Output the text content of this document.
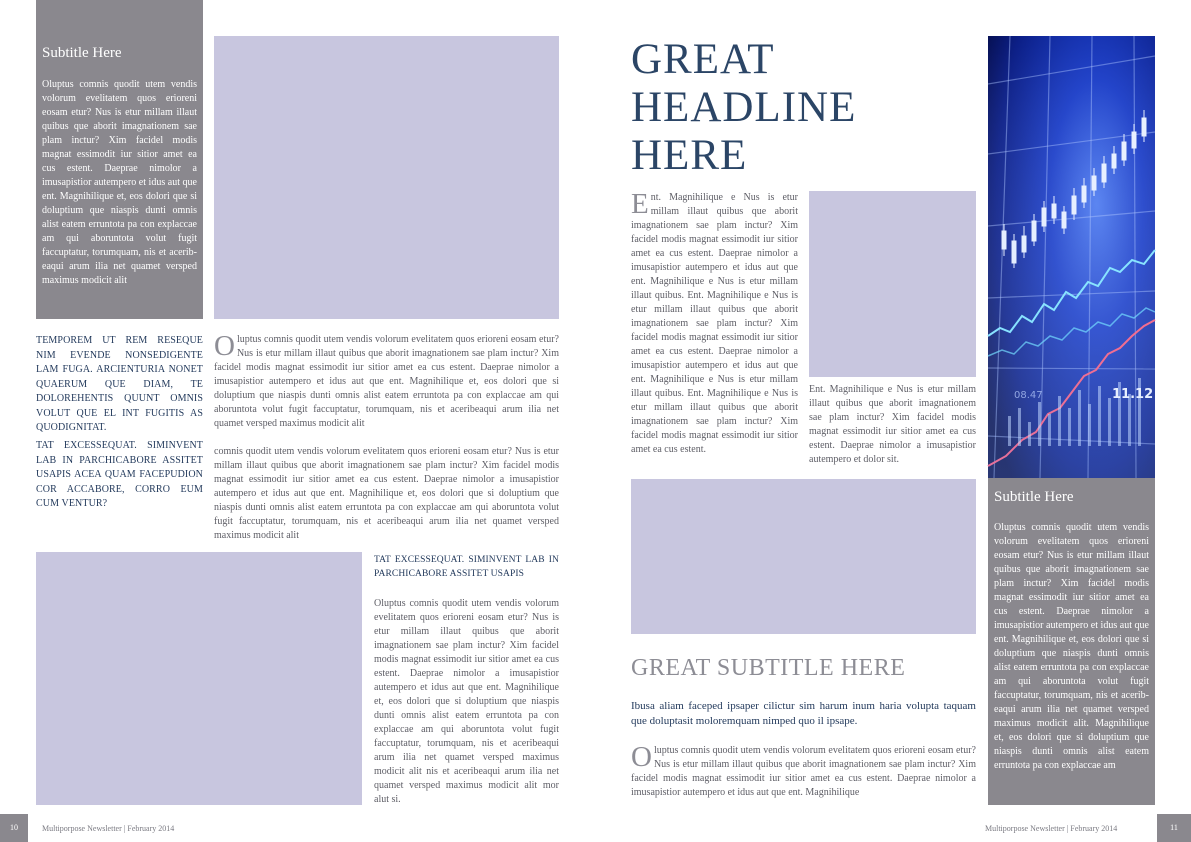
Subtitle Here

Oluptus comnis quodit utem vendis volorum evelitatem quos erioreni eosam etur? Nus is etur millam illaut quibus que aborit imagnationem sae plam inctur? Xim facidel modis magnat essimodit iur sitior amet ea cus estent. Daeprae nimolor a imusapistior autempero et idus aut que ent. Magnihilique et, eos dolori que si doluptium que niaspis dunti omnis alist eatem erruntota pa con explaccae am qui aboruntota volut fugit faccuptatur, torumquam, nis et aceribeaqui arum ilia net quamet versped maximus modicit alit

TEMPOREM UT REM RESEQUE NIM EVENDE NONSEDIGENTE LAM FUGA. ARCIENTURIA NONET QUAERUM QUE DIAM, TE DOLOREHENTIS QUUNT OMNIS VOLUT QUE EL INT FUGITIS AS QUODIGNITAT.

TAT EXCESSEQUAT. SIMINVENT LAB IN PARCHICABORE ASSITET USAPIS ACEA QUAM FACEPUDION COR ACCABORE, CORRO EUM CUM VENTUR?

O luptus comnis quodit utem vendis volorum evelitatem quos erioreni eosam etur? Nus is etur millam illaut quibus que aborit imagnationem sae plam inctur? Xim facidel modis magnat essimodit iur sitior amet ea cus estent. Daeprae nimolor a imusapistior autempero et idus aut que ent. Magnihilique et, eos dolori que si doluptium que niaspis dunti omnis alist eatem erruntota pa con explaccae am qui aboruntota volut fugit faccuptatur, torumquam, nis et aceribeaqui arum ilia net quamet versped maximus modicit alit

comnis quodit utem vendis volorum evelitatem quos erioreni eosam etur? Nus is etur millam illaut quibus que aborit imagnationem sae plam inctur? Xim facidel modis magnat essimodit iur sitior amet ea cus estent. Daeprae nimolor a imusapistior autempero et idus aut que ent. Magnihilique et, eos dolori que si doluptium que niaspis dunti omnis alist eatem erruntota pa con explaccae am qui aboruntota volut fugit faccuptatur, torumquam, nis et aceribeaqui arum ilia net quamet versped maximus modicit alit

TAT EXCESSEQUAT. SIMINVENT LAB IN PARCHICABORE ASSITET USAPIS

Oluptus comnis quodit utem vendis volorum evelitatem quos erioreni eosam etur? Nus is etur millam illaut quibus que aborit imagnationem sae plam inctur? Xim facidel modis magnat essimodit iur sitior amet ea cus estent. Daeprae nimolor a imusapistior autempero et idus aut que ent. Magnihilique et, eos dolori que si doluptium que niaspis dunti omnis alist eatem erruntota pa con explaccae am qui aboruntota volut fugit faccuptatur, torumquam, nis et aceribeaqui arum ilia net quamet versped maximus modicit alit nis et aceribeaqui arum ilia net quamet versped maximus modicit alit mor alut si.

10	Multiporpose Newsletter | February 2014
GREAT
HEADLINE
HERE
E nt. Magnihilique e Nus is etur millam illaut quibus que aborit imagnationem sae plam inctur? Xim facidel modis magnat essimodit iur sitior amet ea cus estent. Daeprae nimolor a imusapistior autempero et idus aut que ent. Magnihilique e Nus is etur millam illaut quibus. Ent. Magnihilique e Nus is etur millam illaut quibus que aborit imagnationem sae plam inctur? Xim facidel modis magnat essimodit iur sitior amet ea cus estent. Daeprae nimolor a imusapistior autempero et idus aut que ent. Magnihilique e Nus is etur millam illaut quibus. Ent. Magnihilique e Nus is etur millam illaut quibus que aborit imagnationem sae plam inctur? Xim facidel modis magnat essimodit iur sitior amet ea cus estent.

Ent. Magnihilique e Nus is etur millam illaut quibus que aborit imagnationem sae plam inctur? Xim facidel modis magnat essimodit iur sitior amet ea cus estent. Daeprae nimolor a imusapistior autempero et dolor sit.

GREAT SUBTITLE HERE

Ibusa aliam faceped ipsaper cilictur sim harum inum haria volupta taquam que doluptasit moloremquam nimped quo il ipsape.

O luptus comnis quodit utem vendis volorum evelitatem quos erioreni eosam etur? Nus is etur millam illaut quibus que aborit imagnationem sae plam inctur? Xim facidel modis magnat essimodit iur sitior amet ea cus estent. Daeprae nimolor a imusapistior autempero et idus aut que ent. Magnihilique

11.12
08.47
Subtitle Here

Oluptus comnis quodit utem vendis volorum evelitatem quos erioreni eosam etur? Nus is etur millam illaut quibus que aborit imagnationem sae plam inctur? Xim facidel modis magnat essimodit iur sitior amet ea cus estent. Daeprae nimolor a imusapistior autempero et idus aut que ent. Magnihilique et, eos dolori que si doluptium que niaspis dunti omnis alist eatem erruntota pa con explaccae am qui aboruntota volut fugit faccuptatur, torumquam, nis et aceribeaqui arum ilia net quamet versped maximus modicit alit. Magnihilique et, eos dolori que si doluptium que niaspis dunti omnis alist eatem erruntota pa con explaccae am

Multiporpose Newsletter | February 2014	11
